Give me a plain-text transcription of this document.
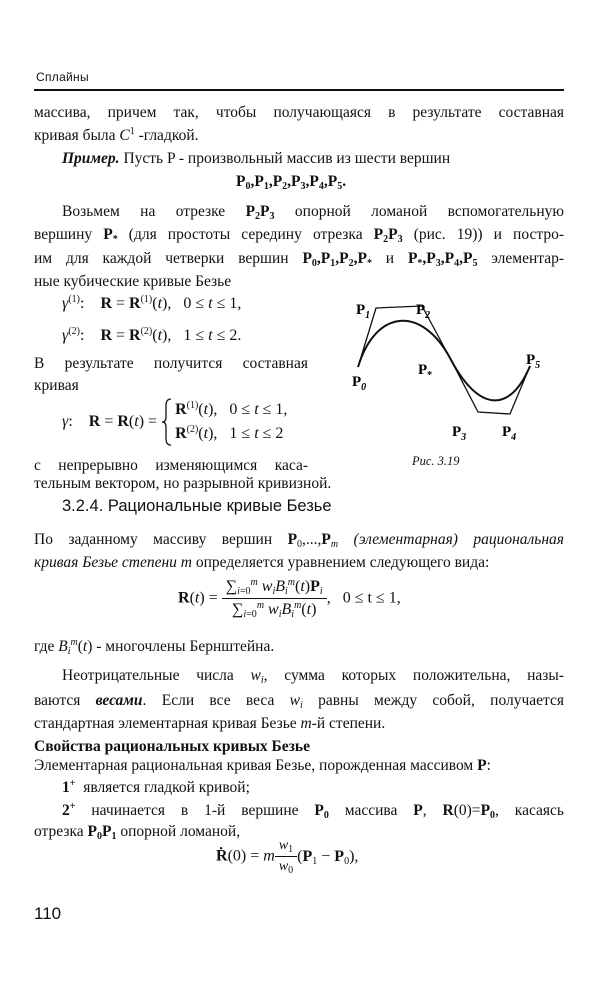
Сплайны
массива, причем так, чтобы получающаяся в результате составная
кривая была $C^1$ -гладкой.
Пример. Пусть P - произвольный массив из шести вершин
$P_0,P_1,P_2,P_3,P_4,P_5$.
Возьмем на отрезке $P_2P_3$ опорной ломаной вспомогательную
вершину $P_*$ (для простоты середину отрезка $P_2P_3$ (рис. 19)) и постро-
им для каждой четверки вершин $P_0,P_1,P_2,P_*$ и $P_*,P_3,P_4,P_5$ элементар-
ные кубические кривые Безье
$\gamma^{(1)}$:    $R = R^{(1)}(t)$,   0 ≤ t ≤ 1,
$\gamma^{(2)}$:    $R = R^{(2)}(t)$,   1 ≤ t ≤ 2.
В результате получится составная
кривая
γ:    R = R(t) =
$R^{(1)}(t)$,   0 ≤ t ≤ 1,
$R^{(2)}(t)$,   1 ≤ t ≤ 2
с непрерывно изменяющимся каса-
тельным вектором, но разрывной кривизной.
$P_1$	$P_2$
$P_*$
$P_0$
$P_5$
$P_3$ $P_4$
Рис. 3.19
3.2.4. Рациональные кривые Безье
По заданному массиву вершин $P_0,...,P_m$ (элементарная) рациональная
кривая Безье степени m определяется уравнением следующего вида:
$R(t) = \frac{\sum_{i=0}^m w_iB_i^m(t)P_i}{\sum_{i=0}^m w_iB_i^m(t)}$ ,   0 ≤ t ≤ 1,
где $B_i^m(t)$ - многочлены Бернштейна.
Неотрицательные числа $w_i$, сумма которых положительна, назы-
ваются весами. Если все веса $w_i$ равны между собой, получается
стандартная элементарная кривая Безье m-й степени.
Свойства рациональных кривых Безье
Элементарная рациональная кривая Безье, порожденная массивом P:
1+ является гладкой кривой;
2+ начинается в 1-й вершине $P_0$ массива P, $R(0)=P_0$, касаясь
отрезка $P_0P_1$ опорной ломаной,
Ṙ(0) = m $\frac{w_1}{w_0} (P_1 - P_0)$,
110
